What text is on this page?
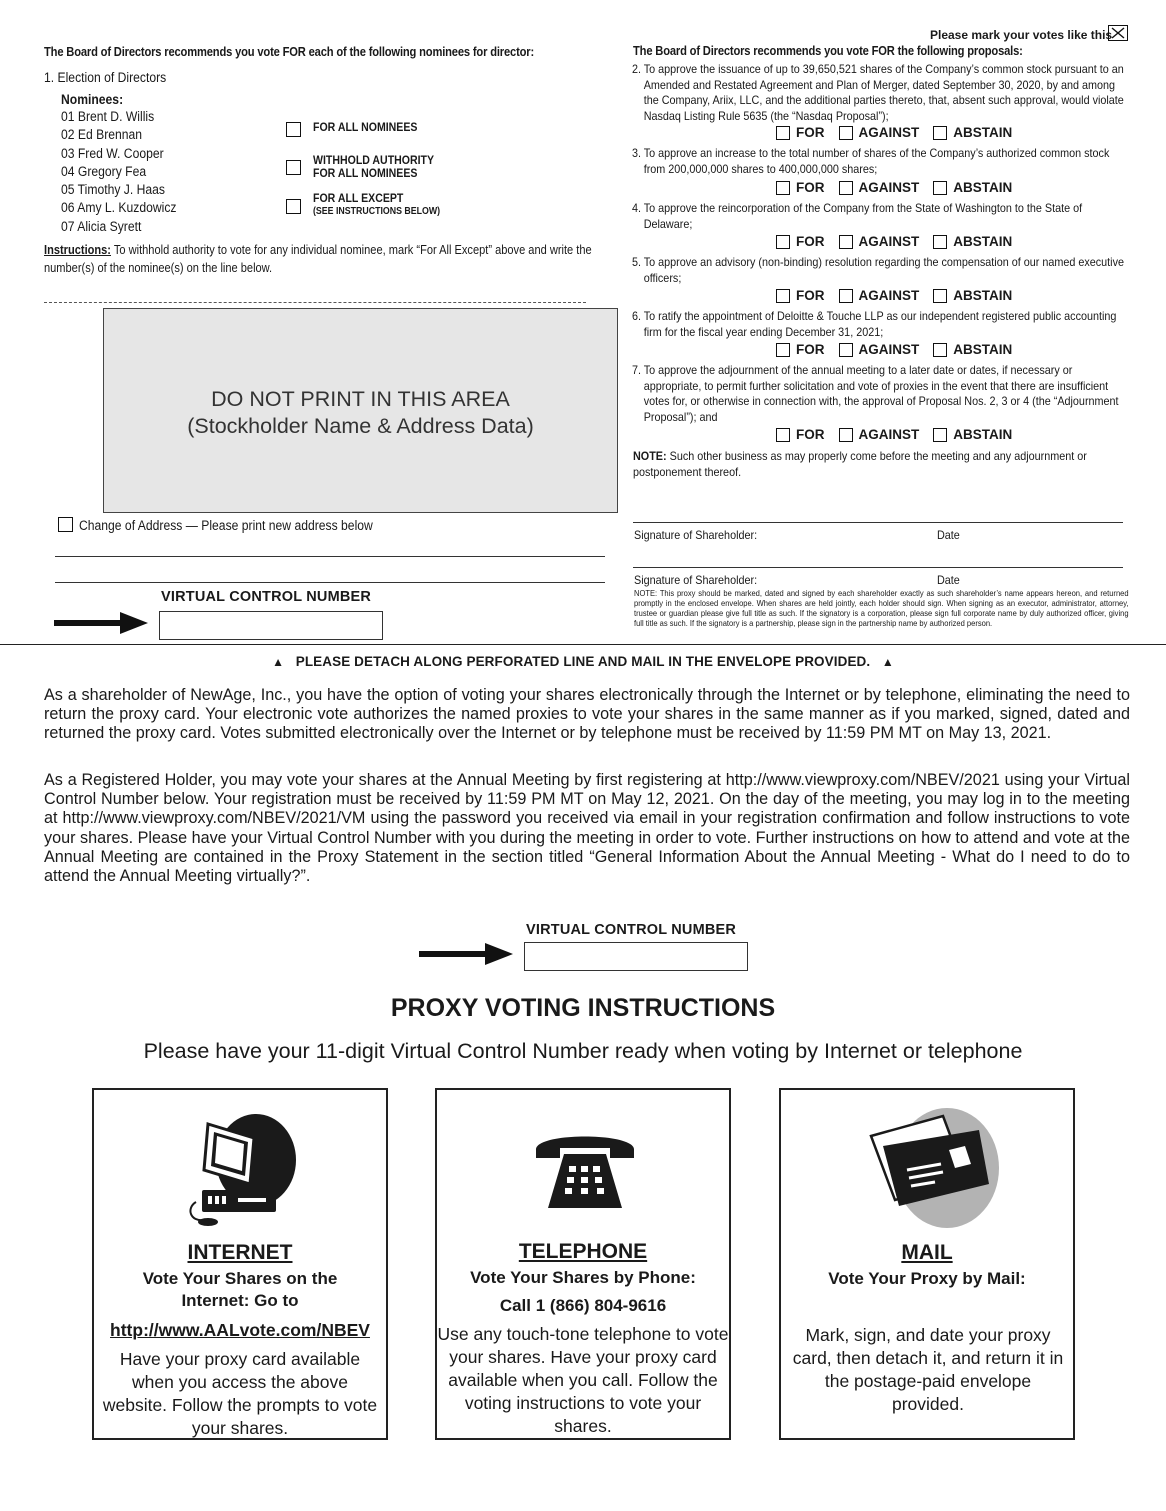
Please mark your votes like this
The Board of Directors recommends you vote FOR each of the following nominees for director:
1. Election of Directors
Nominees:
01 Brent D. Willis
02 Ed Brennan
03 Fred W. Cooper
04 Gregory Fea
05 Timothy J. Haas
06 Amy L. Kuzdowicz
07 Alicia Syrett
FOR ALL NOMINEES
WITHHOLD AUTHORITY
FOR ALL NOMINEES
FOR ALL EXCEPT
(SEE INSTRUCTIONS BELOW)
Instructions: To withhold authority to vote for any individual nominee, mark “For All Except” above and write the number(s) of the nominee(s) on the line below.
DO NOT PRINT IN THIS AREA
(Stockholder Name & Address Data)
Change of Address — Please print new address below
VIRTUAL CONTROL NUMBER
The Board of Directors recommends you vote FOR the following proposals:
2. To approve the issuance of up to 39,650,521 shares of the Company’s common stock pursuant to an Amended and Restated Agreement and Plan of Merger, dated September 30, 2020, by and among the Company, Ariix, LLC, and the additional parties thereto, that, absent such approval, would violate Nasdaq Listing Rule 5635 (the “Nasdaq Proposal”);
FOR	AGAINST	ABSTAIN
3. To approve an increase to the total number of shares of the Company’s authorized common stock from 200,000,000 shares to 400,000,000 shares;
FOR	AGAINST	ABSTAIN
4. To approve the reincorporation of the Company from the State of Washington to the State of Delaware;
FOR	AGAINST	ABSTAIN
5. To approve an advisory (non-binding) resolution regarding the compensation of our named executive officers;
FOR	AGAINST	ABSTAIN
6. To ratify the appointment of Deloitte & Touche LLP as our independent registered public accounting firm for the fiscal year ending December 31, 2021;
FOR	AGAINST	ABSTAIN
7. To approve the adjournment of the annual meeting to a later date or dates, if necessary or appropriate, to permit further solicitation and vote of proxies in the event that there are insufficient votes for, or otherwise in connection with, the approval of Proposal Nos. 2, 3 or 4 (the “Adjournment Proposal”); and
FOR	AGAINST	ABSTAIN
NOTE: Such other business as may properly come before the meeting and any adjournment or postponement thereof.
Signature of Shareholder:	Date
Signature of Shareholder:	Date
NOTE: This proxy should be marked, dated and signed by each shareholder exactly as such shareholder’s name appears hereon, and returned promptly in the enclosed envelope. When shares are held jointly, each holder should sign. When signing as an executor, administrator, attorney, trustee or guardian please give full title as such. If the signatory is a corporation, please sign full corporate name by duly authorized officer, giving full title as such. If the signatory is a partnership, please sign in the partnership name by authorized person.
▲ PLEASE DETACH ALONG PERFORATED LINE AND MAIL IN THE ENVELOPE PROVIDED. ▲
As a shareholder of NewAge, Inc., you have the option of voting your shares electronically through the Internet or by telephone, eliminating the need to return the proxy card. Your electronic vote authorizes the named proxies to vote your shares in the same manner as if you marked, signed, dated and returned the proxy card. Votes submitted electronically over the Internet or by telephone must be received by 11:59 PM MT on May 13, 2021.
As a Registered Holder, you may vote your shares at the Annual Meeting by first registering at http://www.viewproxy.com/NBEV/2021 using your Virtual Control Number below. Your registration must be received by 11:59 PM MT on May 12, 2021. On the day of the meeting, you may log in to the meeting at http://www.viewproxy.com/NBEV/2021/VM using the password you received via email in your registration confirmation and follow instructions to vote your shares. Please have your Virtual Control Number with you during the meeting in order to vote. Further instructions on how to attend and vote at the Annual Meeting are contained in the Proxy Statement in the section titled “General Information About the Annual Meeting - What do I need to do to attend the Annual Meeting virtually?”.
VIRTUAL CONTROL NUMBER
PROXY VOTING INSTRUCTIONS
Please have your 11-digit Virtual Control Number ready when voting by Internet or telephone
INTERNET
Vote Your Shares on the
Internet: Go to
http://www.AALvote.com/NBEV
Have your proxy card available when you access the above website. Follow the prompts to vote your shares.
TELEPHONE
Vote Your Shares by Phone:
Call 1 (866) 804-9616
Use any touch-tone telephone to vote your shares. Have your proxy card available when you call. Follow the voting instructions to vote your shares.
MAIL
Vote Your Proxy by Mail:
Mark, sign, and date your proxy card, then detach it, and return it in the postage-paid envelope provided.
